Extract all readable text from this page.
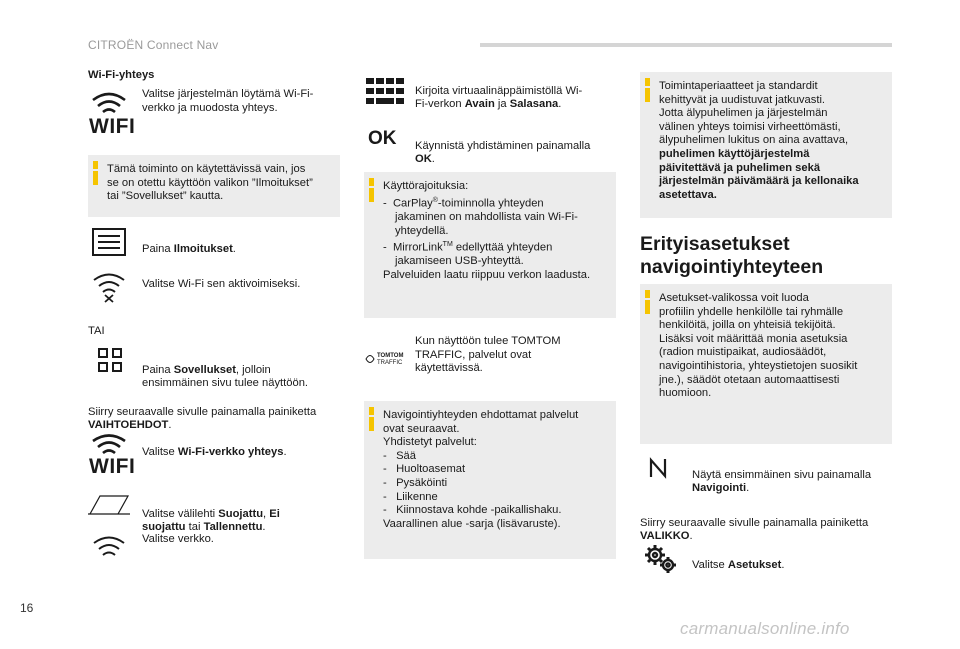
CITROËN Connect Nav
Wi-Fi-yhteys
WIFI
Valitse järjestelmän löytämä Wi-Fi-
verkko ja muodosta yhteys.
Tämä toiminto on käytettävissä vain, jos
se on otettu käyttöön valikon ”Ilmoitukset”
tai ”Sovellukset” kautta.

Paina Ilmoitukset.

Valitse Wi-Fi sen aktivoimiseksi.
TAI

Paina Sovellukset, jolloin
ensimmäinen sivu tulee näyttöön.

Siirry seuraavalle sivulle painamalla painiketta
VAIHTOEHDOT.

WIFI

Valitse Wi-Fi-verkko yhteys.

Valitse välilehti Suojattu, Ei
suojattu tai Tallennettu.

Valitse verkko.

Kirjoita virtuaalinäppäimistöllä Wi-
Fi-verkon Avain ja Salasana.

OK Käynnistä yhdistäminen painamalla
OK.

Käyttörajoituksia:
-  CarPlay®-toiminnolla yhteyden
jakaminen on mahdollista vain Wi-Fi-
yhteydellä.
-  MirrorLink™ edellyttää yhteyden
jakamiseen USB-yhteyttä.
Palveluiden laatu riippuu verkon laadusta.
TOMTOM
TRAFFIC
Kun näyttöön tulee TOMTOM
TRAFFIC, palvelut ovat
käytettävissä.
Navigointiyhteyden ehdottamat palvelut
ovat seuraavat.
Yhdistetyt palvelut:
-   Sää
-   Huoltoasemat
-   Pysäköinti
-   Liikenne
-   Kiinnostava kohde -paikallishaku.
Vaarallinen alue -sarja (lisävaruste).
Toimintaperiaatteet ja standardit
kehittyvät ja uudistuvat jatkuvasti.
Jotta älypuhelimen ja järjestelmän
välinen yhteys toimisi virheettömästi,
älypuhelimen lukitus on aina avattava,
puhelimen käyttöjärjestelmä
päivitettävä ja puhelimen sekä
järjestelmän päivämäärä ja kellonaika
asetettava.
Erityisasetukset
navigointiyhteyteen
Asetukset-valikossa voit luoda
profiilin yhdelle henkilölle tai ryhmälle
henkilöitä, joilla on yhteisiä tekijöitä.
Lisäksi voit määrittää monia asetuksia
(radion muistipaikat, audiosäädöt,
navigointihistoria, yhteystietojen suosikit
jne.), säädöt otetaan automaattisesti
huomioon.

Näytä ensimmäinen sivu painamalla
Navigointi.

Siirry seuraavalle sivulle painamalla painiketta
VALIKKO.

Valitse Asetukset.

16
carmanualsonline.info
